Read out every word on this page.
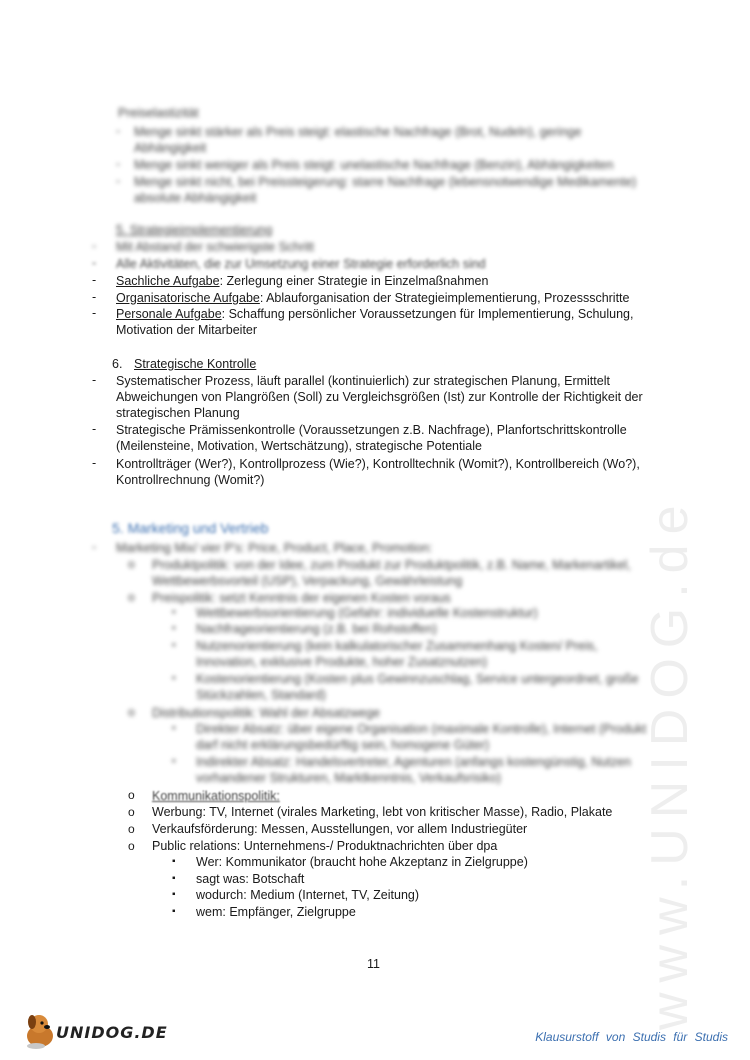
www.UNIDOG.de
Preiselastizität
- Menge sinkt stärker als Preis steigt: elastische Nachfrage (Brot, Nudeln), geringe
Abhängigkeit
- Menge sinkt weniger als Preis steigt: unelastische Nachfrage (Benzin), Abhängigkeiten
- Menge sinkt nicht, bei Preissteigerung: starre Nachfrage (lebensnotwendige Medikamente)
absolute Abhängigkeit
5. Strategieimplementierung
- Mit Abstand der schwierigste Schritt
- Alle Aktivitäten, die zur Umsetzung einer Strategie erforderlich sind
- Sachliche Aufgabe: Zerlegung einer Strategie in Einzelmaßnahmen
- Organisatorische Aufgabe: Ablauforganisation der Strategieimplementierung, Prozessschritte
- Personale Aufgabe: Schaffung persönlicher Voraussetzungen für Implementierung, Schulung,
Motivation der Mitarbeiter
6. Strategische Kontrolle
- Systematischer Prozess, läuft parallel (kontinuierlich) zur strategischen Planung, Ermittelt
Abweichungen von Plangrößen (Soll) zu Vergleichsgrößen (Ist) zur Kontrolle der Richtigkeit der
strategischen Planung
- Strategische Prämissenkontrolle (Voraussetzungen z.B. Nachfrage), Planfortschrittskontrolle
(Meilensteine, Motivation, Wertschätzung), strategische Potentiale
- Kontrollträger (Wer?), Kontrollprozess (Wie?), Kontrolltechnik (Womit?), Kontrollbereich (Wo?),
Kontrollrechnung (Womit?)
5. Marketing und Vertrieb
- Marketing Mix/ vier P's: Price, Product, Place, Promotion:
o Produktpolitik: von der Idee, zum Produkt zur Produktpolitik, z.B. Name, Markenartikel,
Wettbewerbsvorteil (USP), Verpackung, Gewährleistung
o Preispolitik: setzt Kenntnis der eigenen Kosten voraus
▪ Wettbewerbsorientierung (Gefahr: individuelle Kostenstruktur)
▪ Nachfrageorientierung (z.B. bei Rohstoffen)
▪ Nutzenorientierung (kein kalkulatorischer Zusammenhang Kosten/ Preis,
Innovation, exklusive Produkte, hoher Zusatznutzen)
▪ Kostenorientierung (Kosten plus Gewinnzuschlag, Service untergeordnet, große
Stückzahlen, Standard)
o Distributionspolitik: Wahl der Absatzwege
▪ Direkter Absatz: über eigene Organisation (maximale Kontrolle), Internet (Produkt
darf nicht erklärungsbedürftig sein, homogene Güter)
▪ Indirekter Absatz: Handelsvertreter, Agenturen (anfangs kostengünstig, Nutzen
vorhandener Strukturen, Marktkenntnis, Verkaufsrisiko)
o Kommunikationspolitik:
o Werbung: TV, Internet (virales Marketing, lebt von kritischer Masse), Radio, Plakate
o Verkaufsförderung: Messen, Ausstellungen, vor allem Industriegüter
o Public relations: Unternehmens-/ Produktnachrichten über dpa
▪ Wer: Kommunikator (braucht hohe Akzeptanz in Zielgruppe)
▪ sagt was: Botschaft
▪ wodurch: Medium (Internet, TV, Zeitung)
▪ wem: Empfänger, Zielgruppe
11
UNIDOG.DE	Klausurstoff von Studis für Studis
